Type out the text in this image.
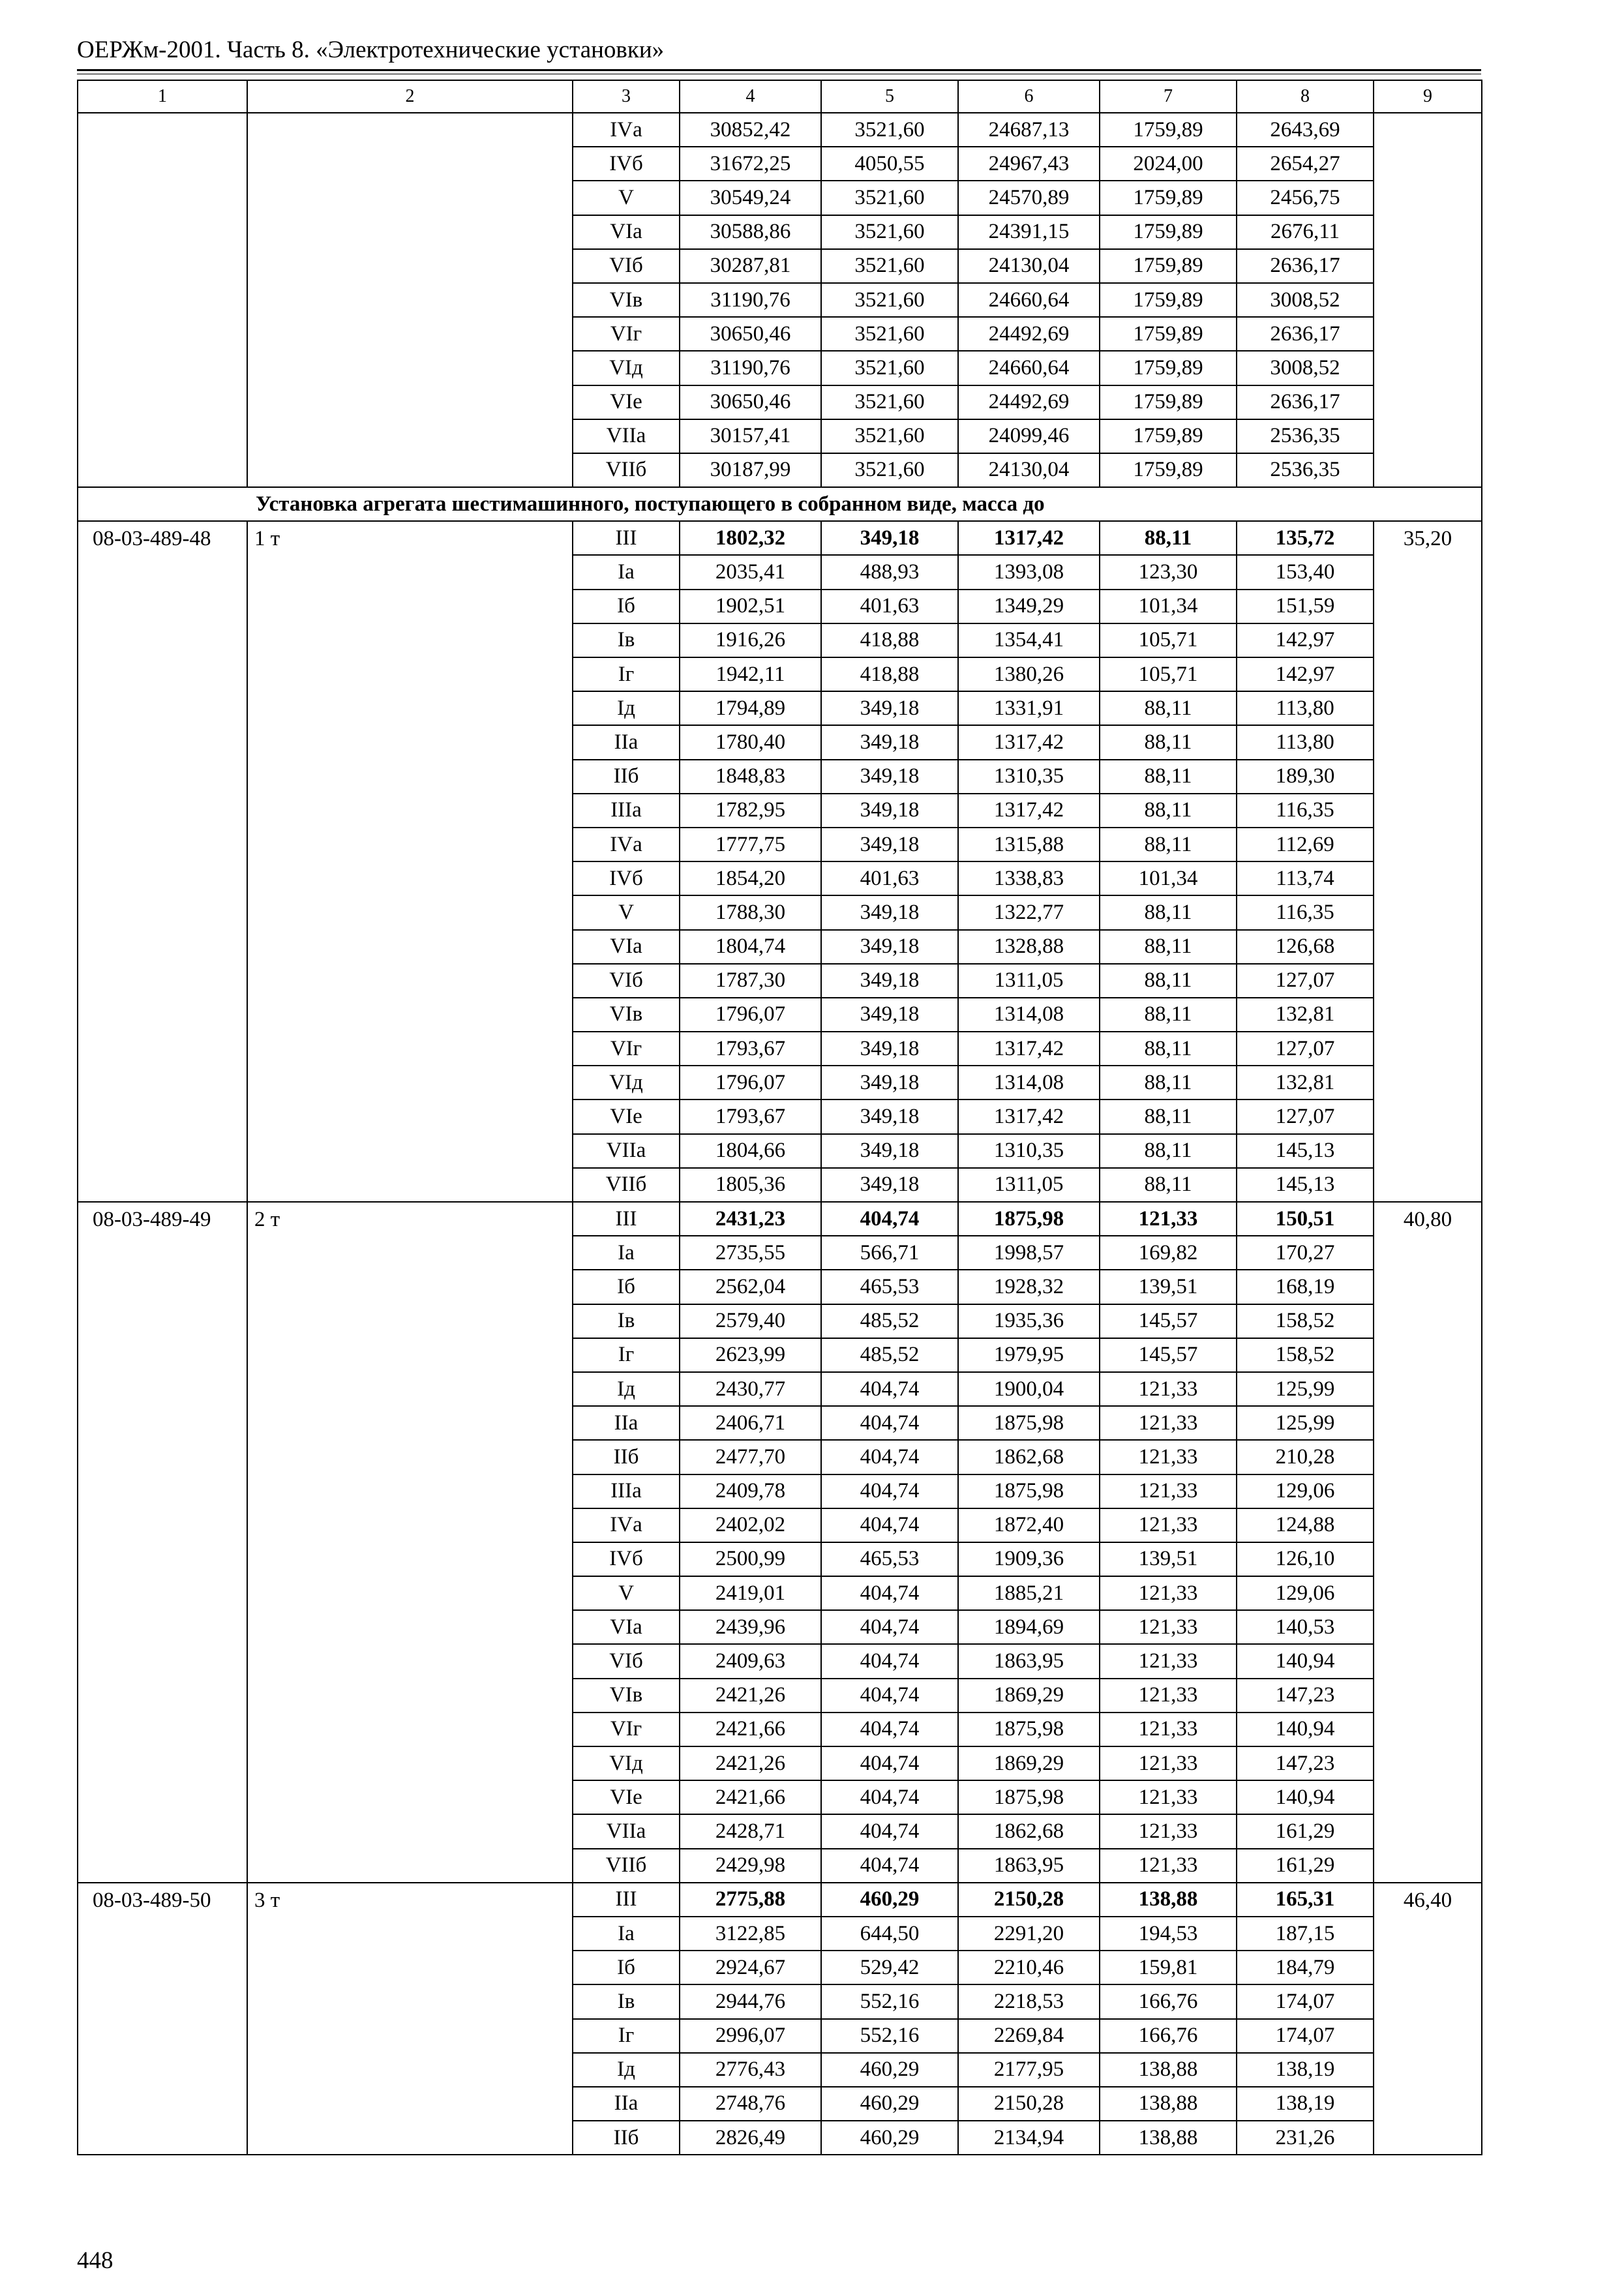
ОЕРЖм-2001. Часть 8. «Электротехнические установки»
1	2	3	4	5	6	7	8	9
		IVа	30852,42	3521,60	24687,13	1759,89	2643,69	
		IVб	31672,25	4050,55	24967,43	2024,00	2654,27	
		V	30549,24	3521,60	24570,89	1759,89	2456,75	
		VIа	30588,86	3521,60	24391,15	1759,89	2676,11	
		VIб	30287,81	3521,60	24130,04	1759,89	2636,17	
		VIв	31190,76	3521,60	24660,64	1759,89	3008,52	
		VIг	30650,46	3521,60	24492,69	1759,89	2636,17	
		VIд	31190,76	3521,60	24660,64	1759,89	3008,52	
		VIе	30650,46	3521,60	24492,69	1759,89	2636,17	
		VIIа	30157,41	3521,60	24099,46	1759,89	2536,35	
		VIIб	30187,99	3521,60	24130,04	1759,89	2536,35	
Установка агрегата шестимашинного, поступающего в собранном виде, масса до								
08-03-489-48	1 т	III	1802,32	349,18	1317,42	88,11	135,72	35,20
		Iа	2035,41	488,93	1393,08	123,30	153,40	
		Iб	1902,51	401,63	1349,29	101,34	151,59	
		Iв	1916,26	418,88	1354,41	105,71	142,97	
		Iг	1942,11	418,88	1380,26	105,71	142,97	
		Iд	1794,89	349,18	1331,91	88,11	113,80	
		IIа	1780,40	349,18	1317,42	88,11	113,80	
		IIб	1848,83	349,18	1310,35	88,11	189,30	
		IIIа	1782,95	349,18	1317,42	88,11	116,35	
		IVа	1777,75	349,18	1315,88	88,11	112,69	
		IVб	1854,20	401,63	1338,83	101,34	113,74	
		V	1788,30	349,18	1322,77	88,11	116,35	
		VIа	1804,74	349,18	1328,88	88,11	126,68	
		VIб	1787,30	349,18	1311,05	88,11	127,07	
		VIв	1796,07	349,18	1314,08	88,11	132,81	
		VIг	1793,67	349,18	1317,42	88,11	127,07	
		VIд	1796,07	349,18	1314,08	88,11	132,81	
		VIе	1793,67	349,18	1317,42	88,11	127,07	
		VIIа	1804,66	349,18	1310,35	88,11	145,13	
		VIIб	1805,36	349,18	1311,05	88,11	145,13	
08-03-489-49	2 т	III	2431,23	404,74	1875,98	121,33	150,51	40,80
		Iа	2735,55	566,71	1998,57	169,82	170,27	
		Iб	2562,04	465,53	1928,32	139,51	168,19	
		Iв	2579,40	485,52	1935,36	145,57	158,52	
		Iг	2623,99	485,52	1979,95	145,57	158,52	
		Iд	2430,77	404,74	1900,04	121,33	125,99	
		IIа	2406,71	404,74	1875,98	121,33	125,99	
		IIб	2477,70	404,74	1862,68	121,33	210,28	
		IIIа	2409,78	404,74	1875,98	121,33	129,06	
		IVа	2402,02	404,74	1872,40	121,33	124,88	
		IVб	2500,99	465,53	1909,36	139,51	126,10	
		V	2419,01	404,74	1885,21	121,33	129,06	
		VIа	2439,96	404,74	1894,69	121,33	140,53	
		VIб	2409,63	404,74	1863,95	121,33	140,94	
		VIв	2421,26	404,74	1869,29	121,33	147,23	
		VIг	2421,66	404,74	1875,98	121,33	140,94	
		VIд	2421,26	404,74	1869,29	121,33	147,23	
		VIе	2421,66	404,74	1875,98	121,33	140,94	
		VIIа	2428,71	404,74	1862,68	121,33	161,29	
		VIIб	2429,98	404,74	1863,95	121,33	161,29	
08-03-489-50	3 т	III	2775,88	460,29	2150,28	138,88	165,31	46,40
		Iа	3122,85	644,50	2291,20	194,53	187,15	
		Iб	2924,67	529,42	2210,46	159,81	184,79	
		Iв	2944,76	552,16	2218,53	166,76	174,07	
		Iг	2996,07	552,16	2269,84	166,76	174,07	
		Iд	2776,43	460,29	2177,95	138,88	138,19	
		IIа	2748,76	460,29	2150,28	138,88	138,19	
		IIб	2826,49	460,29	2134,94	138,88	231,26	
448
